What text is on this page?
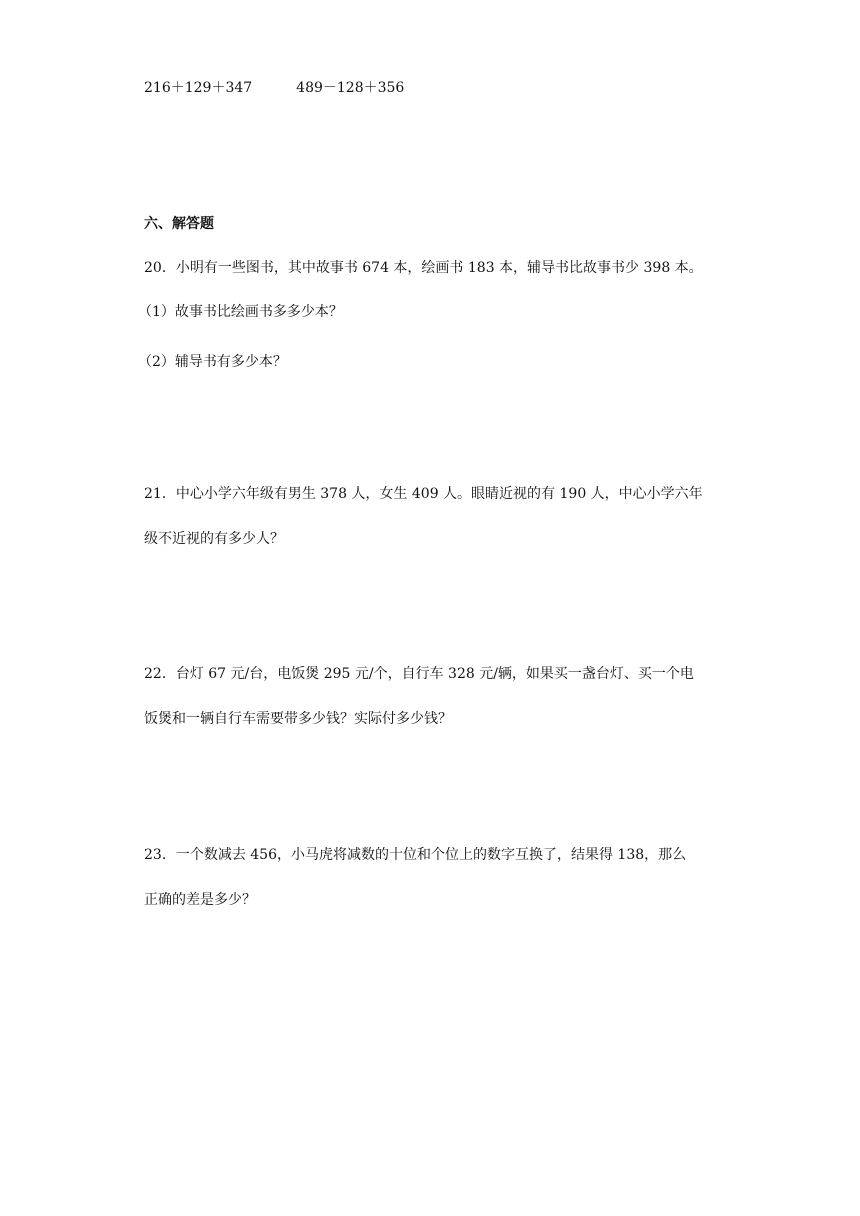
216＋129＋347	489－128＋356
六、解答题
20．小明有一些图书，其中故事书 674 本，绘画书 183 本，辅导书比故事书少 398 本。
（1）故事书比绘画书多多少本？
（2）辅导书有多少本？
21．中心小学六年级有男生 378 人，女生 409 人。眼睛近视的有 190 人，中心小学六年
级不近视的有多少人？
22．台灯 67 元/台，电饭煲 295 元/个，自行车 328 元/辆，如果买一盏台灯、买一个电
饭煲和一辆自行车需要带多少钱？实际付多少钱？
23．一个数减去 456，小马虎将减数的十位和个位上的数字互换了，结果得 138，那么
正确的差是多少？
